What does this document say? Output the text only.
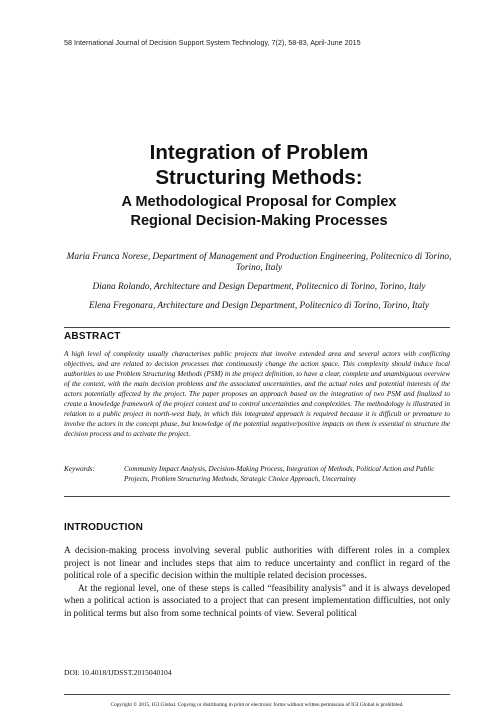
58 International Journal of Decision Support System Technology, 7(2), 58-83, April-June 2015
Integration of Problem
Structuring Methods:
A Methodological Proposal for Complex
Regional Decision-Making Processes

Maria Franca Norese, Department of Management and Production Engineering, Politecnico di Torino, Torino, Italy

Diana Rolando, Architecture and Design Department, Politecnico di Torino, Torino, Italy

Elena Fregonara, Architecture and Design Department, Politecnico di Torino, Torino, Italy

ABSTRACT

A high level of complexity usually characterises public projects that involve extended area and several actors with conflicting objectives, and are related to decision processes that continuously change the action space. This complexity should induce local authorities to use Problem Structuring Methods (PSM) in the project definition, to have a clear, complete and unambiguous overview of the context, with the main decision problems and the associated uncertainties, and the actual roles and potential interests of the actors potentially affected by the project. The paper proposes an approach based on the integration of two PSM and finalized to create a knowledge framework of the project context and to control uncertainties and complexities. The methodology is illustrated in relation to a public project in north-west Italy, in which this integrated approach is required because it is difficult or premature to involve the actors in the concept phase, but knowledge of the potential negative/positive impacts on them is essential to structure the decision process and to activate the project.

Keywords:	Community Impact Analysis, Decision-Making Process, Integration of Methods, Political Action and Public Projects, Problem Structuring Methods, Strategic Choice Approach, Uncertainty
INTRODUCTION

A decision-making process involving several public authorities with different roles in a complex project is not linear and includes steps that aim to reduce uncertainty and conflict in regard of the political role of a specific decision within the multiple related decision processes.

At the regional level, one of these steps is called “feasibility analysis” and it is always developed when a political action is associated to a project that can present implementation difficulties, not only in political terms but also from some technical points of view. Several political

DOI: 10.4018/IJDSST.2015040104
Copyright © 2015, IGI Global. Copying or distributing in print or electronic forms without written permission of IGI Global is prohibited.
